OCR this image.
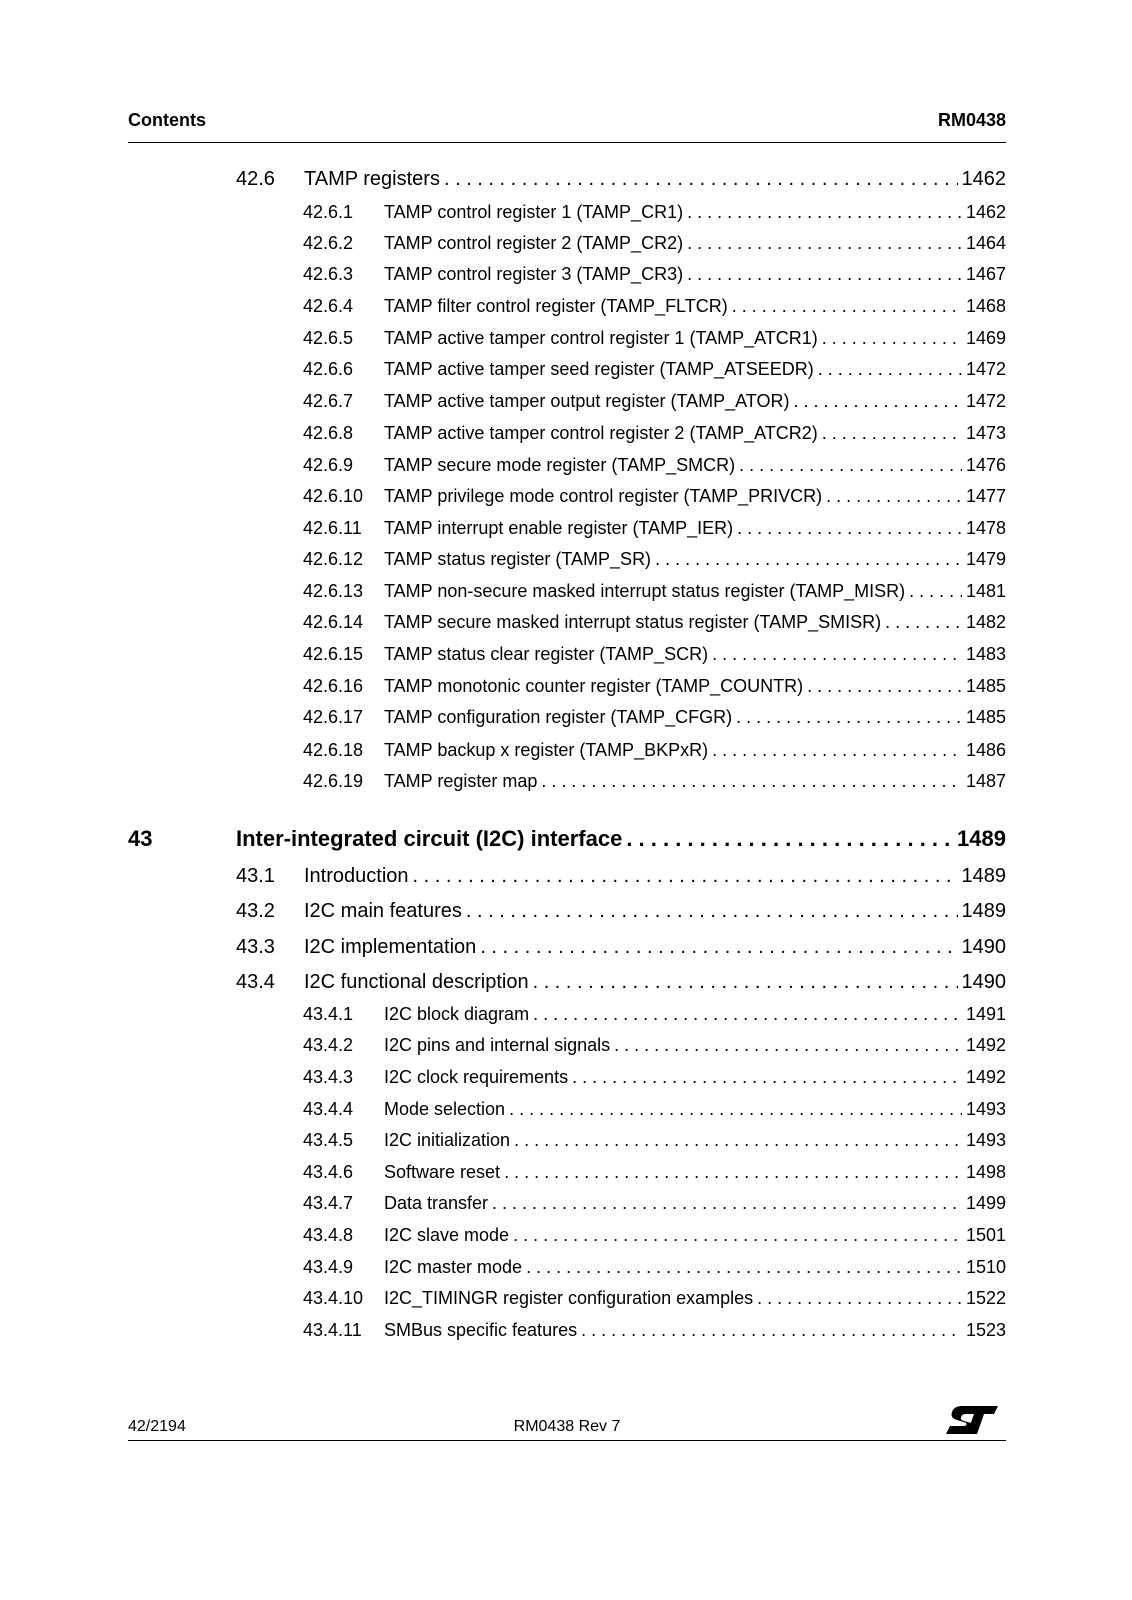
Contents	RM0438
42.6	TAMP registers . . .	1462
42.6.1	TAMP control register 1 (TAMP_CR1) . . .	1462
42.6.2	TAMP control register 2 (TAMP_CR2) . . .	1464
42.6.3	TAMP control register 3 (TAMP_CR3) . . .	1467
42.6.4	TAMP filter control register (TAMP_FLTCR) . . .	1468
42.6.5	TAMP active tamper control register 1 (TAMP_ATCR1) . . .	1469
42.6.6	TAMP active tamper seed register (TAMP_ATSEEDR) . . .	1472
42.6.7	TAMP active tamper output register (TAMP_ATOR) . . .	1472
42.6.8	TAMP active tamper control register 2 (TAMP_ATCR2) . . .	1473
42.6.9	TAMP secure mode register (TAMP_SMCR) . . .	1476
42.6.10	TAMP privilege mode control register (TAMP_PRIVCR) . . .	1477
42.6.11	TAMP interrupt enable register (TAMP_IER) . . .	1478
42.6.12	TAMP status register (TAMP_SR) . . .	1479
42.6.13	TAMP non-secure masked interrupt status register (TAMP_MISR) . . .	1481
42.6.14	TAMP secure masked interrupt status register (TAMP_SMISR) . . .	1482
42.6.15	TAMP status clear register (TAMP_SCR) . . .	1483
42.6.16	TAMP monotonic counter register (TAMP_COUNTR) . . .	1485
42.6.17	TAMP configuration register (TAMP_CFGR) . . .	1485
42.6.18	TAMP backup x register (TAMP_BKPxR) . . .	1486
42.6.19	TAMP register map . . .	1487
43	Inter-integrated circuit (I2C) interface . . .	1489
43.1	Introduction . . .	1489
43.2	I2C main features . . .	1489
43.3	I2C implementation . . .	1490
43.4	I2C functional description . . .	1490
43.4.1	I2C block diagram . . .	1491
43.4.2	I2C pins and internal signals . . .	1492
43.4.3	I2C clock requirements . . .	1492
43.4.4	Mode selection . . .	1493
43.4.5	I2C initialization . . .	1493
43.4.6	Software reset . . .	1498
43.4.7	Data transfer . . .	1499
43.4.8	I2C slave mode . . .	1501
43.4.9	I2C master mode . . .	1510
43.4.10	I2C_TIMINGR register configuration examples . . .	1522
43.4.11	SMBus specific features . . .	1523
42/2194	RM0438 Rev 7
